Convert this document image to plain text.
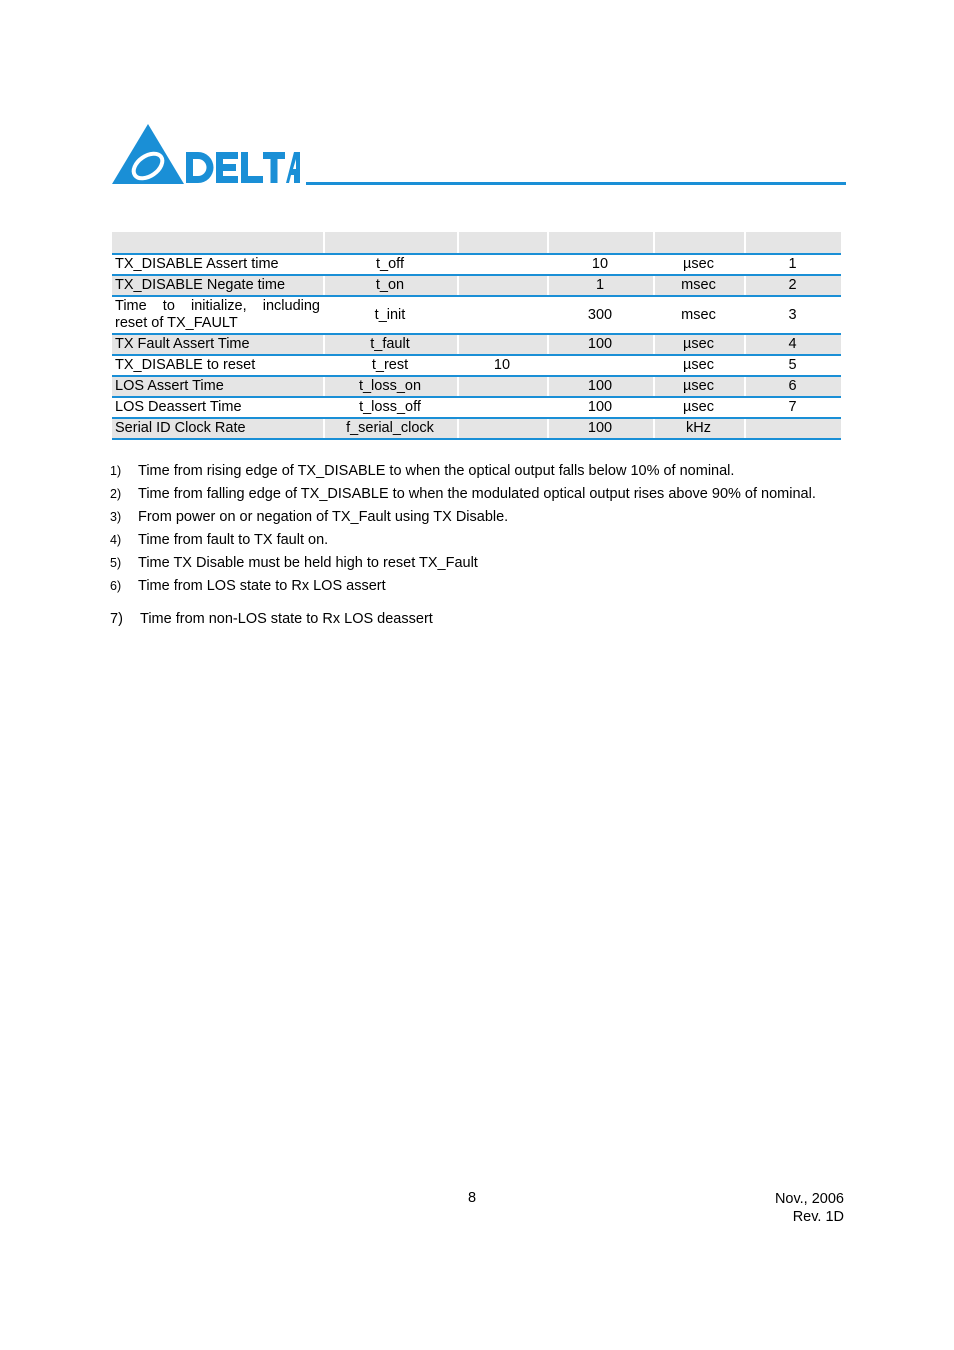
TX_DISABLE Assert time	t_off		10	µsec	1
TX_DISABLE Negate time	t_on		1	msec	2

Time to initialize, including
reset of TX_FAULT	t_init		300	msec	3
TX Fault Assert Time	t_fault		100	µsec	4
TX_DISABLE to reset	t_rest	10		µsec	5
LOS Assert Time	t_loss_on		100	µsec	6
LOS Deassert Time	t_loss_off		100	µsec	7
Serial ID Clock Rate	f_serial_clock		100	kHz	
1)	Time from rising edge of TX_DISABLE to when the optical output falls below 10% of nominal.
2)	Time from falling edge of TX_DISABLE to when the modulated optical output rises above 90% of nominal.
3)	From power on or negation of TX_Fault using TX Disable.
4)	Time from fault to TX fault on.
5)	Time TX Disable must be held high to reset TX_Fault
6)	Time from LOS state to Rx LOS assert
7)	Time from non-LOS state to Rx LOS deassert
8	Nov., 2006
Rev. 1D
